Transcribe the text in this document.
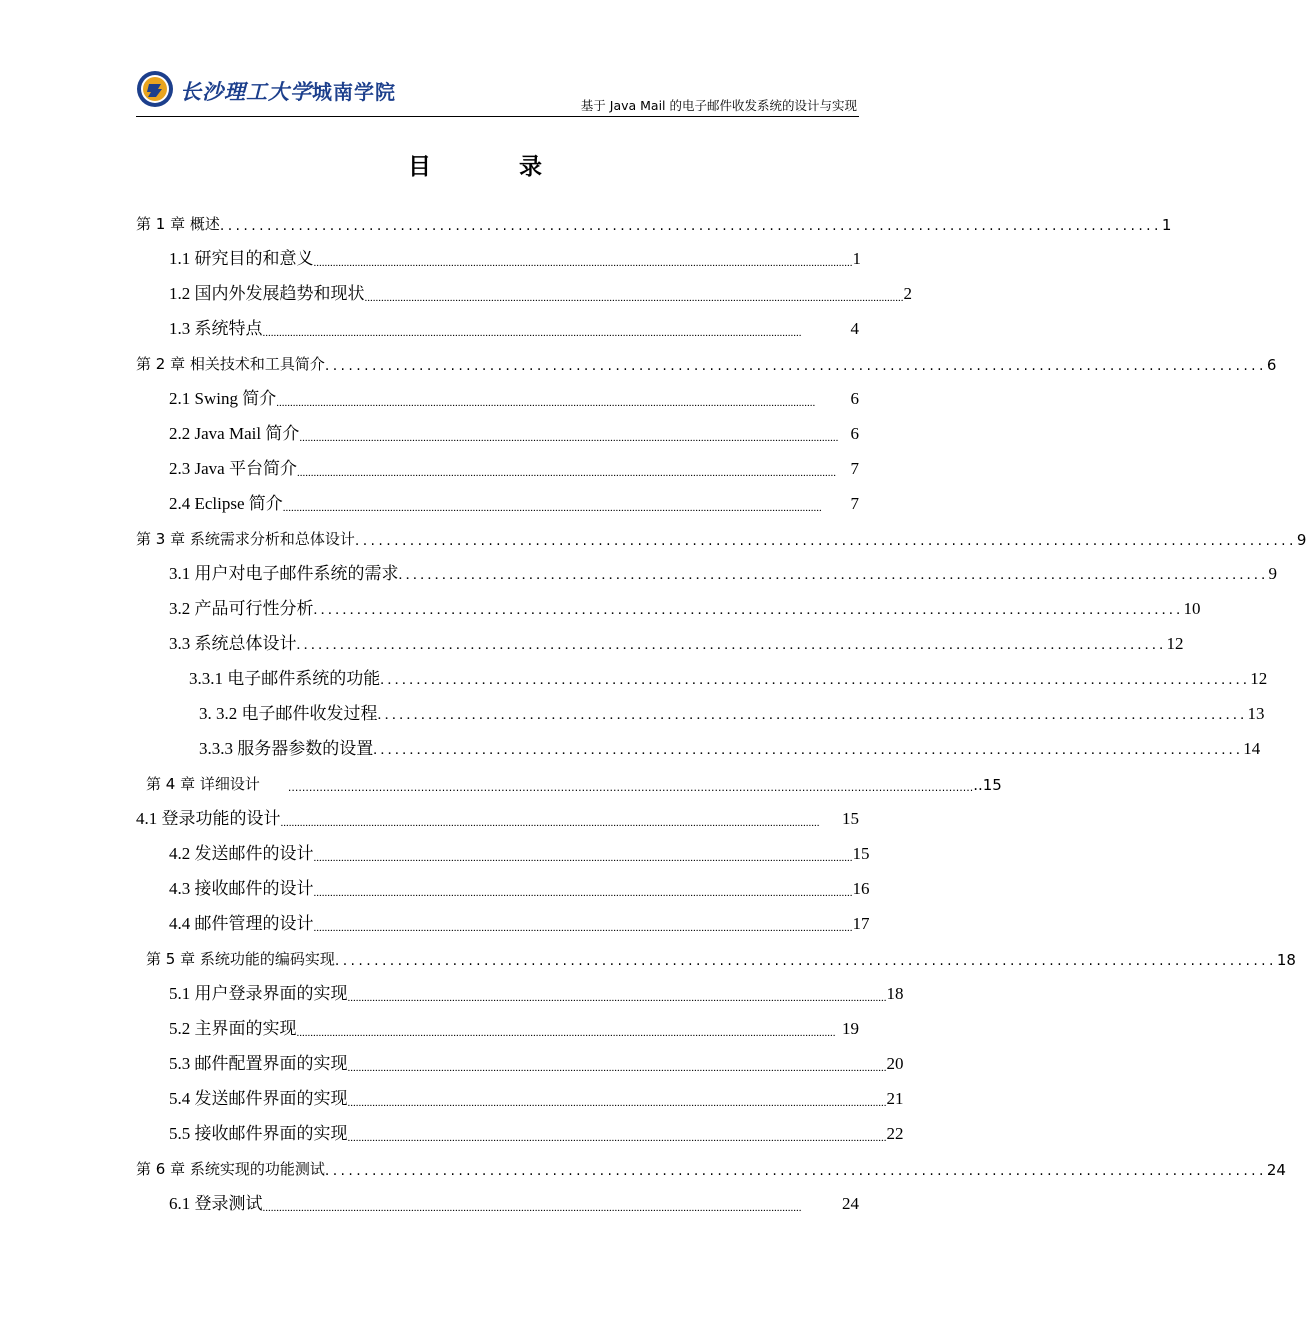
长沙理工大学城南学院
基于 Java Mail 的电子邮件收发系统的设计与实现
目 录
第 1 章 概述 ........................................................................................................................ 1
1.1 研究目的和意义 .................................................................................................................................................................................................... 1
1.2 国内外发展趋势和现状 .................................................................................................................................................................................................... 2
1.3 系统特点 ....................................................................................................................................................................................................	4
第 2 章 相关技术和工具简介 ........................................................................................................................ 6
2.1 Swing 简介 ....................................................................................................................................................................................................	6
2.2 Java Mail 简介 .................................................................................................................................................................................................... 6
2.3 Java 平台简介 .................................................................................................................................................................................................... 7
2.4 Eclipse 简介 ....................................................................................................................................................................................................	7
第 3 章 系统需求分析和总体设计 ........................................................................................................................ 9
3.1 用户对电子邮件系统的需求 ........................................................................................................................ 9
3.2 产品可行性分析 ........................................................................................................................ 10
3.3 系统总体设计 ........................................................................................................................ 12
3.3.1 电子邮件系统的功能 ........................................................................................................................ 12
3. 3.2 电子邮件收发过程 ........................................................................................................................ 13
3.3.3 服务器参数的设置 ........................................................................................................................ 14
第 4 章 详细设计	.................................................................................................................................................................................................... ..15
4.1 登录功能的设计 ....................................................................................................................................................................................................	15
4.2 发送邮件的设计 .................................................................................................................................................................................................... 15
4.3 接收邮件的设计 .................................................................................................................................................................................................... 16
4.4 邮件管理的设计 .................................................................................................................................................................................................... 17
第 5 章 系统功能的编码实现 ........................................................................................................................ 18
5.1 用户登录界面的实现 .................................................................................................................................................................................................... 18
5.2 主界面的实现 .................................................................................................................................................................................................... 19
5.3 邮件配置界面的实现 .................................................................................................................................................................................................... 20
5.4 发送邮件界面的实现 .................................................................................................................................................................................................... 21
5.5 接收邮件界面的实现 .................................................................................................................................................................................................... 22
第 6 章 系统实现的功能测试 ........................................................................................................................ 24
6.1 登录测试 ....................................................................................................................................................................................................	24
